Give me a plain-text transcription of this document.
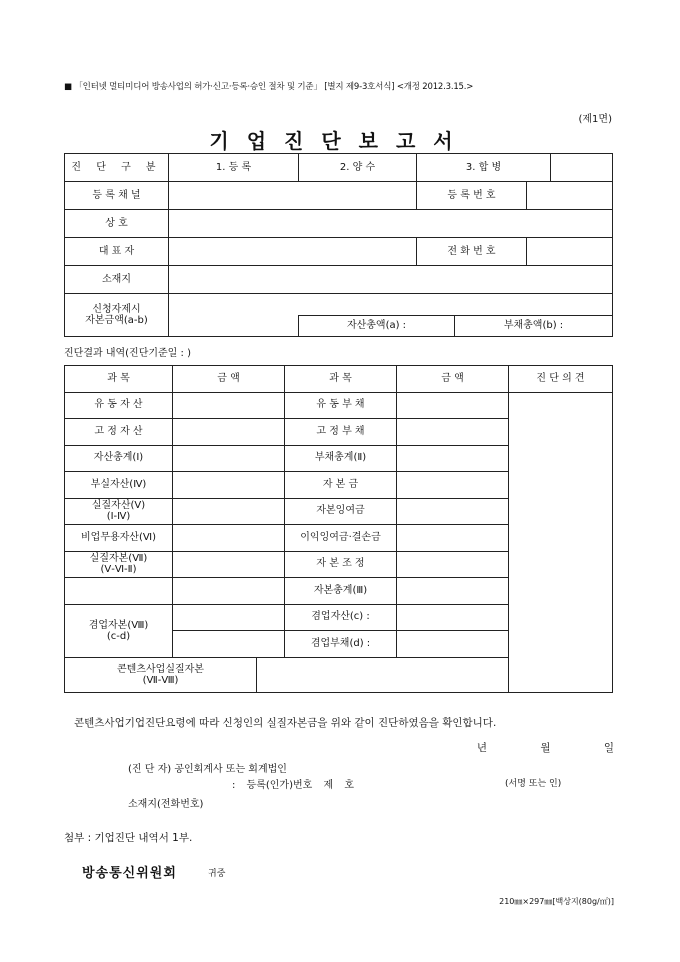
■ 「인터넷 멀티미디어 방송사업의 허가·신고·등록·승인 절차 및 기준」 [별지 제9-3호서식] <개정 2012.3.15.>
(제1면)
기업진단보고서
진 단 구 분	1. 등 록	2. 양 수	3. 합 병			
등 록 채 널			등 록 번 호			
상 호						
대 표 자			전 화 번 호			
소재지						
신청자제시
자본금액(a-b)						
		자산총액(a) :		부채총액(b) :		
진단결과 내역(진단기준일 : )
과 목	금 액		과 목	금 액	진 단 의 견
유 동 자 산			유 동 부 채		
고 정 자 산			고 정 부 채		
자산총계(Ⅰ)			부채총계(Ⅱ)		
부실자산(Ⅳ)			자 본 금		
실질자산(Ⅴ)
(Ⅰ-Ⅳ)			자본잉여금		
비업무용자산(Ⅵ)			이익잉여금·결손금		
실질자본(Ⅶ)
(Ⅴ-Ⅵ-Ⅱ)			자 본 조 정		
			자본총계(Ⅲ)		
겸업자본(Ⅷ)
(c-d)			겸업자산(c) :		
			겸업부채(d) :		
콘텐츠사업실질자본
(Ⅶ-Ⅷ)					

콘텐츠사업기업진단요령에 따라 신청인의 실질자본금을 위와 같이 진단하였음을 확인합니다.
년 월 일
(진 단 자) 공인회계사 또는 회계법인
: 등록(인가)번호 제 호	(서명 또는 인)
소재지(전화번호)
첨부 : 기업진단 내역서 1부.
방송통신위원회	귀중
210㎜×297㎜[백상지(80g/㎡)]
